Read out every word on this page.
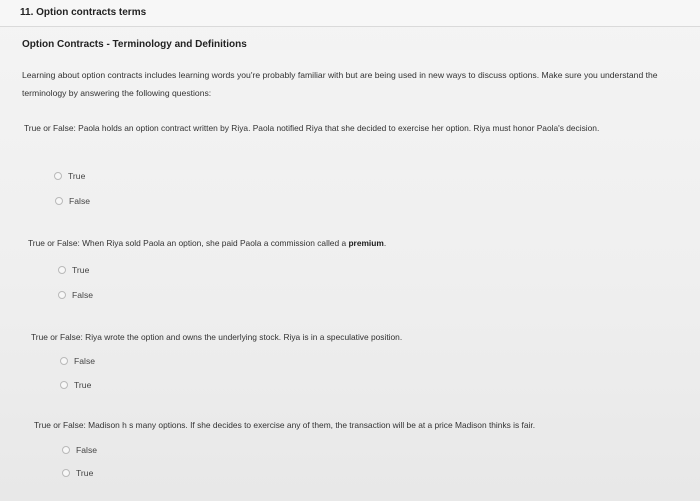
11. Option contracts terms
Option Contracts - Terminology and Definitions
Learning about option contracts includes learning words you're probably familiar with but are being used in new ways to discuss options. Make sure you understand the terminology by answering the following questions:
True or False: Paola holds an option contract written by Riya. Paola notified Riya that she decided to exercise her option. Riya must honor Paola's decision.
True
False
True or False: When Riya sold Paola an option, she paid Paola a commission called a premium.
True
False
True or False: Riya wrote the option and owns the underlying stock. Riya is in a speculative position.
False
True
True or False: Madison h s many options. If she decides to exercise any of them, the transaction will be at a price Madison thinks is fair.
False
True
